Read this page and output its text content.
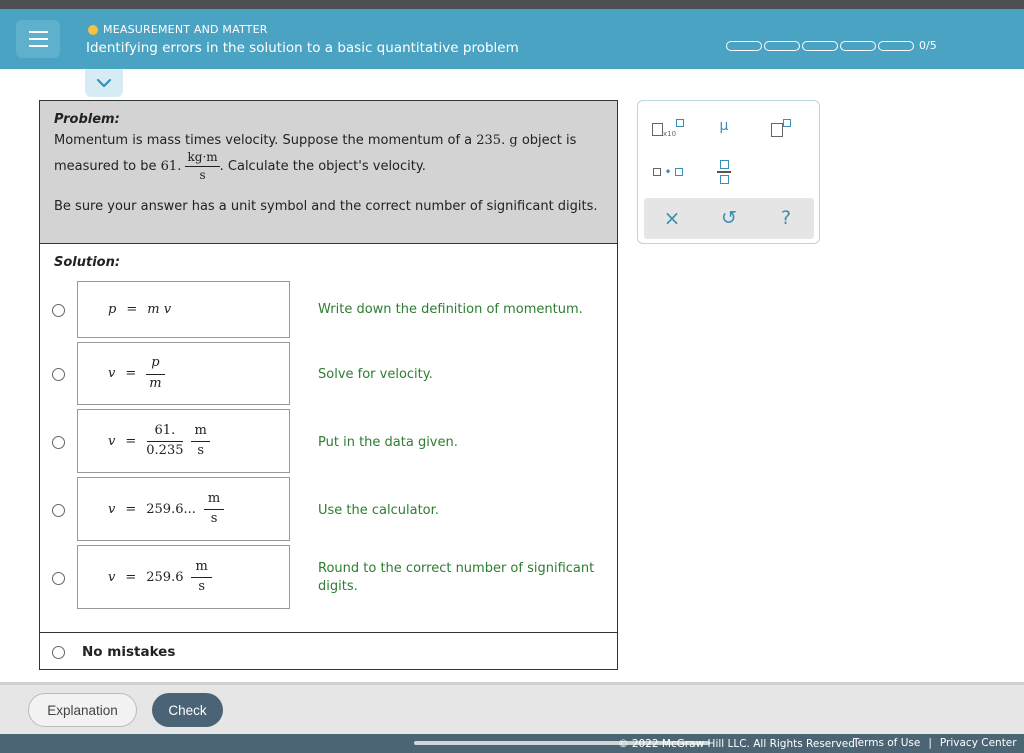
MEASUREMENT AND MATTER
Identifying errors in the solution to a basic quantitative problem	0/5
Problem:
Momentum is mass times velocity. Suppose the momentum of a 235. g object is
measured to be 61. $\frac{kg\cdot m}{s}$ . Calculate the object's velocity.
Be sure your answer has a unit symbol and the correct number of significant digits.
Solution:
p = m v	Write down the definition of momentum.
$v = \frac{p}{m}$	Solve for velocity.
$v = \frac{61.}{0.235} \frac{m}{s}$	Put in the data given.
v = 259.6... $\frac{m}{s}$	Use the calculator.
$v = 259.6 \frac{m}{s}$	Round to the correct number of significant digits.
No mistakes
x10	μ
•
×	↺	?
Explanation	Check
© 2022 McGraw Hill LLC. All Rights Reserved.
Terms of Use | Privacy Center
